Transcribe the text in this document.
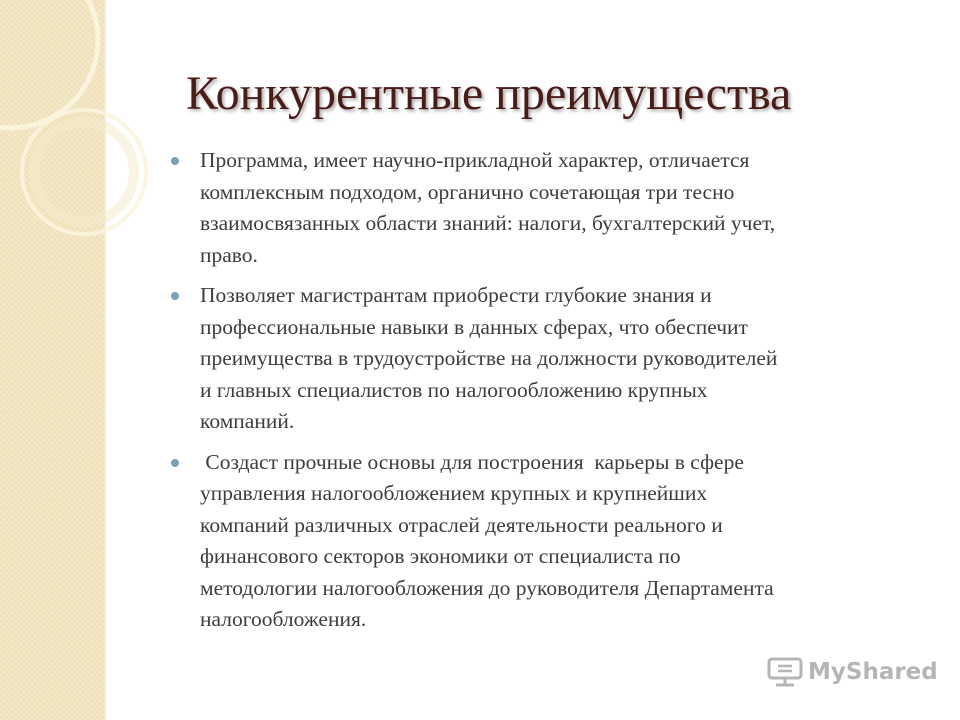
Конкурентные преимущества
Программа, имеет научно-прикладной характер, отличается
комплексным подходом, органично сочетающая три тесно
взаимосвязанных области знаний: налоги, бухгалтерский учет,
право.
Позволяет магистрантам приобрести глубокие знания и
профессиональные навыки в данных сферах, что обеспечит
преимущества в трудоустройстве на должности руководителей
и главных специалистов по налогообложению крупных
компаний.
Создаст прочные основы для построения  карьеры в сфере
управления налогообложением крупных и крупнейших
компаний различных отраслей деятельности реального и
финансового секторов экономики от специалиста по
методологии налогообложения до руководителя Департамента
налогообложения.
MyShared
